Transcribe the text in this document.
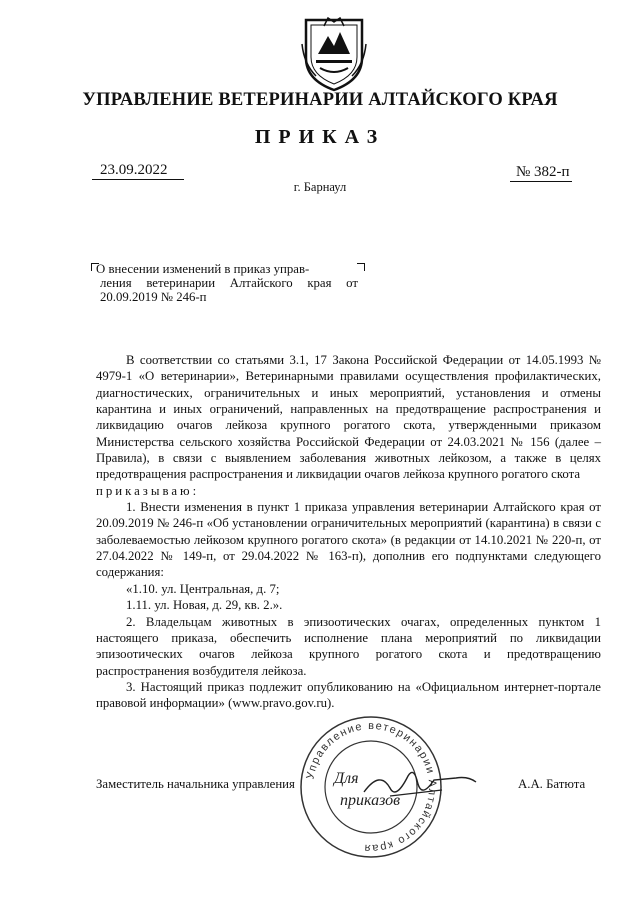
УПРАВЛЕНИЕ ВЕТЕРИНАРИИ АЛТАЙСКОГО КРАЯ
ПРИКАЗ
23.09.2022
г. Барнаул
№ 382-п
О внесении изменений в приказ управ-
ления ветеринарии Алтайского края от 20.09.2019 № 246-п

В соответствии со статьями 3.1, 17 Закона Российской Федерации от 14.05.1993 № 4979-1 «О ветеринарии», Ветеринарными правилами осуществления профилактических, диагностических, ограничительных и иных мероприятий, установления и отмены карантина и иных ограничений, направленных на предотвращение распространения и ликвидацию очагов лейкоза крупного рогатого скота, утвержденными приказом Министерства сельского хозяйства Российской Федерации от 24.03.2021 № 156 (далее – Правила), в связи с выявлением заболевания животных лейкозом, а также в целях предотвращения распространения и ликвидации очагов лейкоза крупного рогатого скота

приказываю:

1. Внести изменения в пункт 1 приказа управления ветеринарии Алтайского края от 20.09.2019 № 246-п «Об установлении ограничительных мероприятий (карантина) в связи с заболеваемостью лейкозом крупного рогатого скота» (в редакции от 14.10.2021 № 220-п, от 27.04.2022 № 149-п, от 29.04.2022 № 163-п), дополнив его подпунктами следующего содержания:

«1.10. ул. Центральная, д. 7;

1.11. ул. Новая, д. 29, кв. 2.».

2. Владельцам животных в эпизоотических очагах, определенных пунктом 1 настоящего приказа, обеспечить исполнение плана мероприятий по ликвидации эпизоотических очагов лейкоза крупного рогатого скота и предотвращению распространения возбудителя лейкоза.

3. Настоящий приказ подлежит опубликованию на «Официальном интернет-портале правовой информации» (www.pravo.gov.ru).

Заместитель начальника управления	А.А. Батюта
Управление ветеринарии Алтайского края
Для
приказов
